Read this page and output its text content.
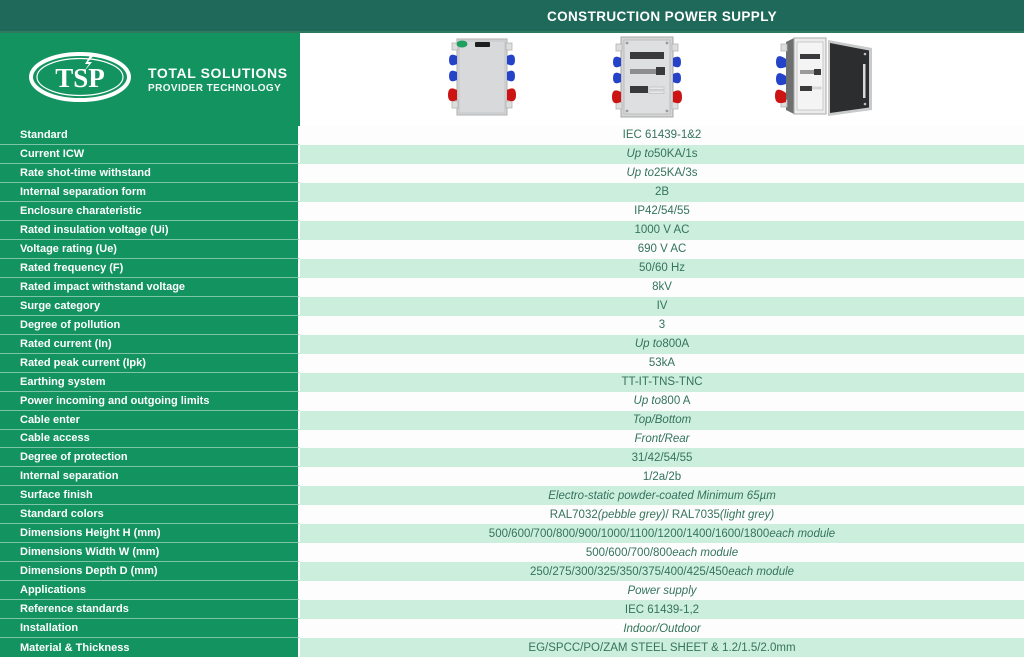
CONSTRUCTION POWER SUPPLY
TSP	TOTAL SOLUTIONS
PROVIDER TECHNOLOGY
Standard	IEC 61439-1&2
Current ICW	Up to 50KA/1s
Rate shot-time withstand	Up to 25KA/3s
Internal separation form	2B
Enclosure charateristic	IP42/54/55
Rated insulation voltage (Ui)	1000 V AC
Voltage rating (Ue)	690 V AC
Rated frequency (F)	50/60 Hz
Rated impact withstand voltage	8kV
Surge category	IV
Degree of pollution	3
Rated current (In)	Up to 800A
Rated peak current (Ipk)	53kA
Earthing system	TT-IT-TNS-TNC
Power incoming and outgoing limits	Up to 800 A
Cable enter	Top/Bottom
Cable access	Front/Rear
Degree of protection	31/42/54/55
Internal separation	1/2a/2b
Surface finish	Electro-static powder-coated Minimum 65µm
Standard colors	RAL7032 (pebble grey) / RAL7035 (light grey)
Dimensions Height H (mm)	500/600/700/800/900/1000/1100/1200/1400/1600/1800 each module
Dimensions Width W (mm)	500/600/700/800 each module
Dimensions Depth D (mm)	250/275/300/325/350/375/400/425/450 each module
Applications	Power supply
Reference standards	IEC 61439-1,2
Installation	Indoor/Outdoor
Material & Thickness	EG/SPCC/PO/ZAM STEEL SHEET & 1.2/1.5/2.0mm
